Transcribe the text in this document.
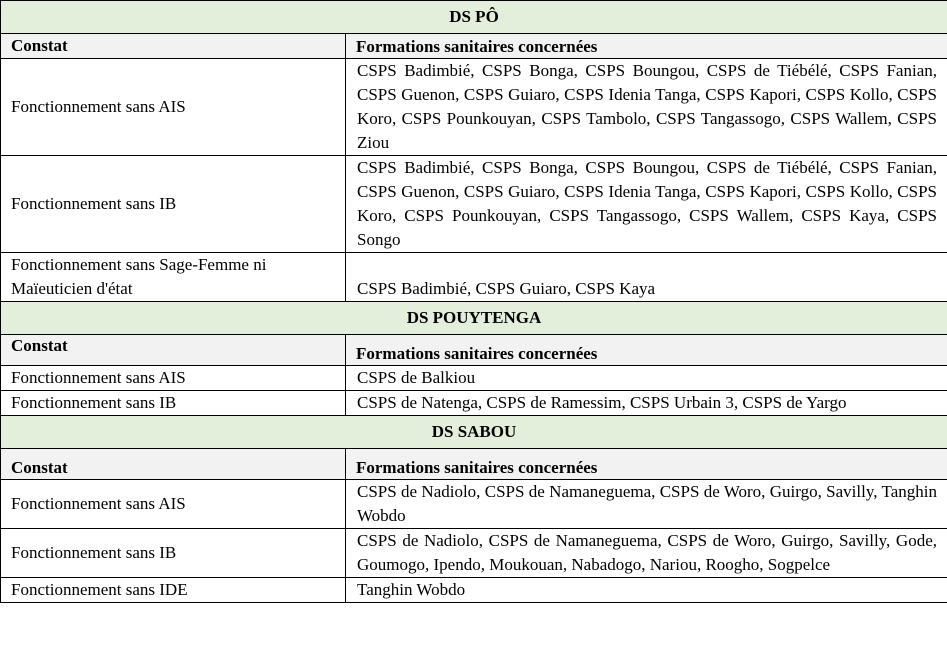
DS PÔ	
Constat	Formations sanitaires concernées
Fonctionnement sans AIS	CSPS Badimbié, CSPS Bonga, CSPS Boungou, CSPS de Tiébélé, CSPS Fanian, CSPS Guenon, CSPS Guiaro, CSPS Idenia Tanga, CSPS Kapori, CSPS Kollo, CSPS Koro, CSPS Pounkouyan, CSPS Tambolo, CSPS Tangassogo, CSPS Wallem, CSPS Ziou
Fonctionnement sans IB	CSPS Badimbié, CSPS Bonga, CSPS Boungou, CSPS de Tiébélé, CSPS Fanian, CSPS Guenon, CSPS Guiaro, CSPS Idenia Tanga, CSPS Kapori, CSPS Kollo, CSPS Koro, CSPS Pounkouyan, CSPS Tangassogo, CSPS Wallem, CSPS Kaya, CSPS Songo
Fonctionnement sans Sage-Femme ni Maïeuticien d'état	CSPS Badimbié, CSPS Guiaro, CSPS Kaya
DS POUYTENGA	
Constat	Formations sanitaires concernées
Fonctionnement sans AIS	CSPS de Balkiou
Fonctionnement sans IB	CSPS de Natenga, CSPS de Ramessim, CSPS Urbain 3, CSPS de Yargo
DS SABOU	
Constat	Formations sanitaires concernées
Fonctionnement sans AIS	CSPS de Nadiolo, CSPS de Namaneguema, CSPS de Woro, Guirgo, Savilly, Tanghin Wobdo
Fonctionnement sans IB	CSPS de Nadiolo, CSPS de Namaneguema, CSPS de Woro, Guirgo, Savilly, Gode, Goumogo, Ipendo, Moukouan, Nabadogo, Nariou, Roogho, Sogpelce
Fonctionnement sans IDE	Tanghin Wobdo
